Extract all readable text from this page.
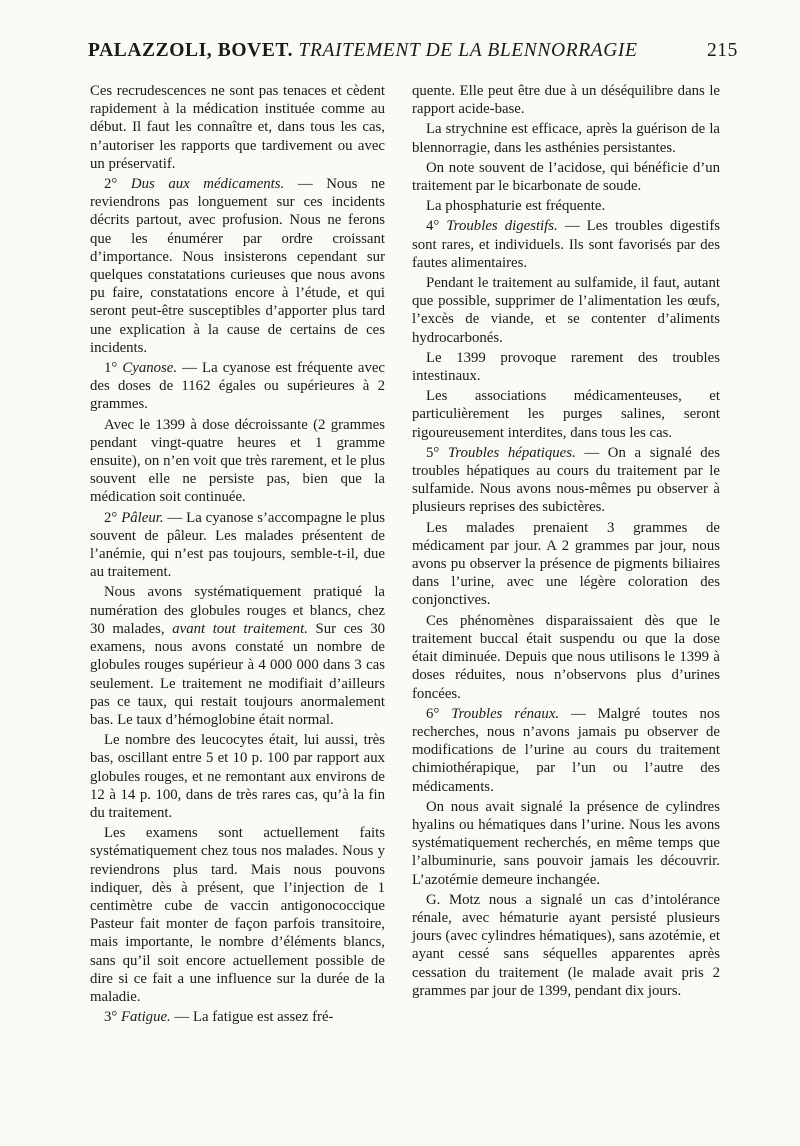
PALAZZOLI, BOVET. TRAITEMENT DE LA BLENNORRAGIE	215

Ces recrudescences ne sont pas tenaces et cèdent rapidement à la médication instituée comme au début. Il faut les connaître et, dans tous les cas, n’autoriser les rapports que tardivement ou avec un préservatif.

2° Dus aux médicaments. — Nous ne reviendrons pas longuement sur ces incidents décrits partout, avec profusion. Nous ne ferons que les énumérer par ordre croissant d’importance. Nous insisterons cependant sur quelques constatations curieuses que nous avons pu faire, constatations encore à l’étude, et qui seront peut-être susceptibles d’apporter plus tard une explication à la cause de certains de ces incidents.

1° Cyanose. — La cyanose est fréquente avec des doses de 1162 égales ou supérieures à 2 grammes.

Avec le 1399 à dose décroissante (2 grammes pendant vingt-quatre heures et 1 gramme ensuite), on n’en voit que très rarement, et le plus souvent elle ne persiste pas, bien que la médication soit continuée.

2° Pâleur. — La cyanose s’accompagne le plus souvent de pâleur. Les malades présentent de l’anémie, qui n’est pas toujours, semble-t-il, due au traitement.

Nous avons systématiquement pratiqué la numération des globules rouges et blancs, chez 30 malades, avant tout traitement. Sur ces 30 examens, nous avons constaté un nombre de globules rouges supérieur à 4 000 000 dans 3 cas seulement. Le traitement ne modifiait d’ailleurs pas ce taux, qui restait toujours anormalement bas. Le taux d’hémoglobine était normal.

Le nombre des leucocytes était, lui aussi, très bas, oscillant entre 5 et 10 p. 100 par rapport aux globules rouges, et ne remontant aux environs de 12 à 14 p. 100, dans de très rares cas, qu’à la fin du traitement.

Les examens sont actuellement faits systématiquement chez tous nos malades. Nous y reviendrons plus tard. Mais nous pouvons indiquer, dès à présent, que l’injection de 1 centimètre cube de vaccin antigonococcique Pasteur fait monter de façon parfois transitoire, mais importante, le nombre d’éléments blancs, sans qu’il soit encore actuellement possible de dire si ce fait a une influence sur la durée de la maladie.

3° Fatigue. — La fatigue est assez fré-

quente. Elle peut être due à un déséquilibre dans le rapport acide-base.

La strychnine est efficace, après la guérison de la blennorragie, dans les asthénies persistantes.

On note souvent de l’acidose, qui bénéficie d’un traitement par le bicarbonate de soude.

La phosphaturie est fréquente.

4° Troubles digestifs. — Les troubles digestifs sont rares, et individuels. Ils sont favorisés par des fautes alimentaires.

Pendant le traitement au sulfamide, il faut, autant que possible, supprimer de l’alimentation les œufs, l’excès de viande, et se contenter d’aliments hydrocarbonés.

Le 1399 provoque rarement des troubles intestinaux.

Les associations médicamenteuses, et particulièrement les purges salines, seront rigoureusement interdites, dans tous les cas.

5° Troubles hépatiques. — On a signalé des troubles hépatiques au cours du traitement par le sulfamide. Nous avons nous-mêmes pu observer à plusieurs reprises des subictères.

Les malades prenaient 3 grammes de médicament par jour. A 2 grammes par jour, nous avons pu observer la présence de pigments biliaires dans l’urine, avec une légère coloration des conjonctives.

Ces phénomènes disparaissaient dès que le traitement buccal était suspendu ou que la dose était diminuée. Depuis que nous utilisons le 1399 à doses réduites, nous n’observons plus d’urines foncées.

6° Troubles rénaux. — Malgré toutes nos recherches, nous n’avons jamais pu observer de modifications de l’urine au cours du traitement chimiothérapique, par l’un ou l’autre des médicaments.

On nous avait signalé la présence de cylindres hyalins ou hématiques dans l’urine. Nous les avons systématiquement recherchés, en même temps que l’albuminurie, sans pouvoir jamais les découvrir. L’azotémie demeure inchangée.

G. Motz nous a signalé un cas d’intolérance rénale, avec hématurie ayant persisté plusieurs jours (avec cylindres hématiques), sans azotémie, et ayant cessé sans séquelles apparentes après cessation du traitement (le malade avait pris 2 grammes par jour de 1399, pendant dix jours.
